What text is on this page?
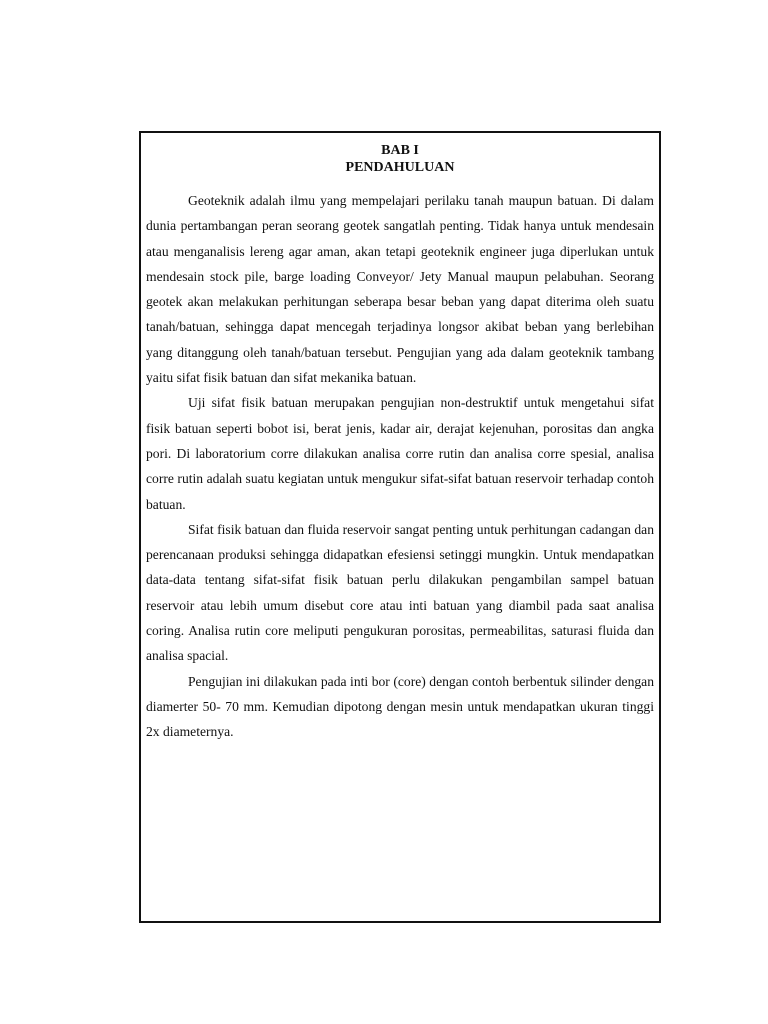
BAB I
PENDAHULUAN

Geoteknik adalah ilmu yang mempelajari perilaku tanah maupun batuan. Di dalam dunia pertambangan peran seorang geotek sangatlah penting. Tidak hanya untuk mendesain atau menganalisis lereng agar aman, akan tetapi geoteknik engineer juga diperlukan untuk mendesain stock pile, barge loading Conveyor/ Jety Manual maupun pelabuhan. Seorang geotek akan melakukan perhitungan seberapa besar beban yang dapat diterima oleh suatu tanah/batuan, sehingga dapat mencegah terjadinya longsor akibat beban yang berlebihan yang ditanggung oleh tanah/batuan tersebut. Pengujian yang ada dalam geoteknik tambang yaitu sifat fisik batuan dan sifat mekanika batuan.

Uji sifat fisik batuan merupakan pengujian non-destruktif untuk mengetahui sifat fisik batuan seperti bobot isi, berat jenis, kadar air, derajat kejenuhan, porositas dan angka pori. Di laboratorium corre dilakukan analisa corre rutin dan analisa corre spesial, analisa corre rutin adalah suatu kegiatan untuk mengukur sifat-sifat batuan reservoir terhadap contoh batuan.

Sifat fisik batuan dan fluida reservoir sangat penting untuk perhitungan cadangan dan perencanaan produksi sehingga didapatkan efesiensi setinggi mungkin. Untuk mendapatkan data-data tentang sifat-sifat fisik batuan perlu dilakukan pengambilan sampel batuan reservoir atau lebih umum disebut core atau inti batuan yang diambil pada saat analisa coring. Analisa rutin core meliputi pengukuran porositas, permeabilitas, saturasi fluida dan analisa spacial.

Pengujian ini dilakukan pada inti bor (core) dengan contoh berbentuk silinder dengan diamerter 50- 70 mm. Kemudian dipotong dengan mesin untuk mendapatkan ukuran tinggi 2x diameternya.
